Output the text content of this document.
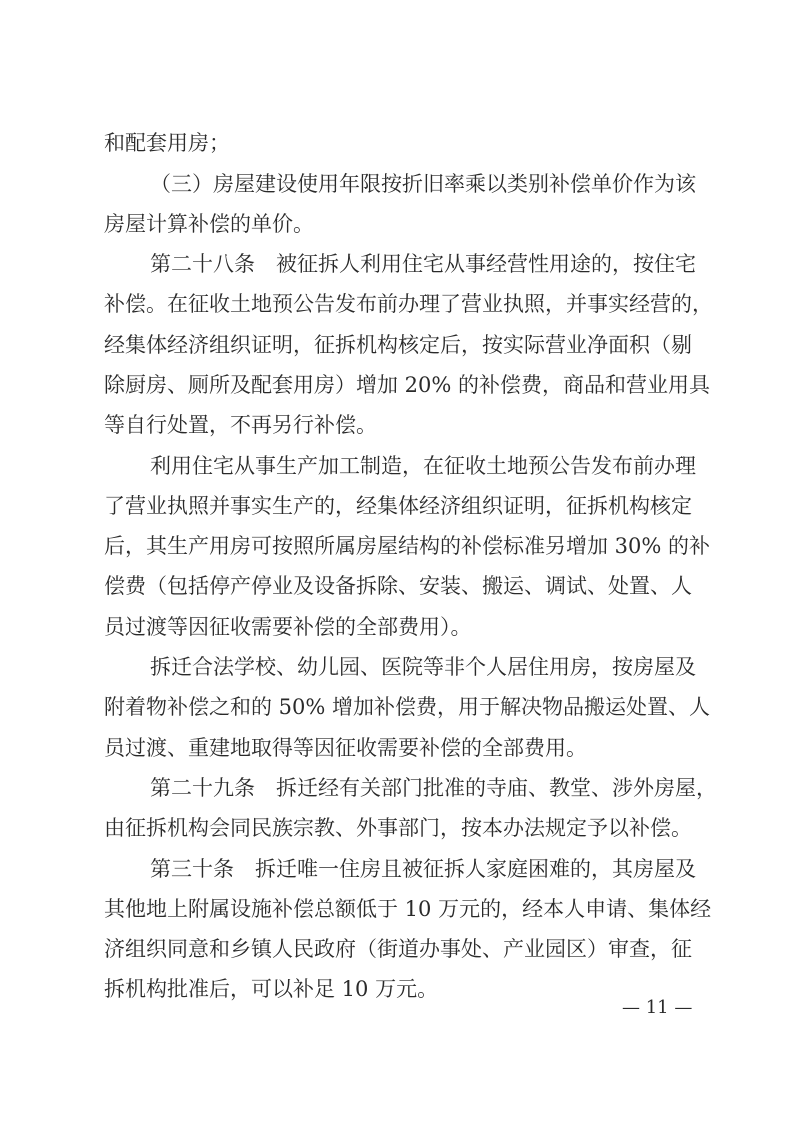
和配套用房；

（三）房屋建设使用年限按折旧率乘以类别补偿单价作为该

房屋计算补偿的单价。

第二十八条　被征拆人利用住宅从事经营性用途的，按住宅

补偿。在征收土地预公告发布前办理了营业执照，并事实经营的，

经集体经济组织证明，征拆机构核定后，按实际营业净面积（剔

除厨房、厕所及配套用房）增加 20% 的补偿费，商品和营业用具

等自行处置，不再另行补偿。

利用住宅从事生产加工制造，在征收土地预公告发布前办理

了营业执照并事实生产的，经集体经济组织证明，征拆机构核定

后，其生产用房可按照所属房屋结构的补偿标准另增加 30% 的补

偿费（包括停产停业及设备拆除、安装、搬运、调试、处置、人

员过渡等因征收需要补偿的全部费用）。

拆迁合法学校、幼儿园、医院等非个人居住用房，按房屋及

附着物补偿之和的 50% 增加补偿费，用于解决物品搬运处置、人

员过渡、重建地取得等因征收需要补偿的全部费用。

第二十九条　拆迁经有关部门批准的寺庙、教堂、涉外房屋，

由征拆机构会同民族宗教、外事部门，按本办法规定予以补偿。

第三十条　拆迁唯一住房且被征拆人家庭困难的，其房屋及

其他地上附属设施补偿总额低于 10 万元的，经本人申请、集体经

济组织同意和乡镇人民政府（街道办事处、产业园区）审查，征

拆机构批准后，可以补足 10 万元。

— 11 —
